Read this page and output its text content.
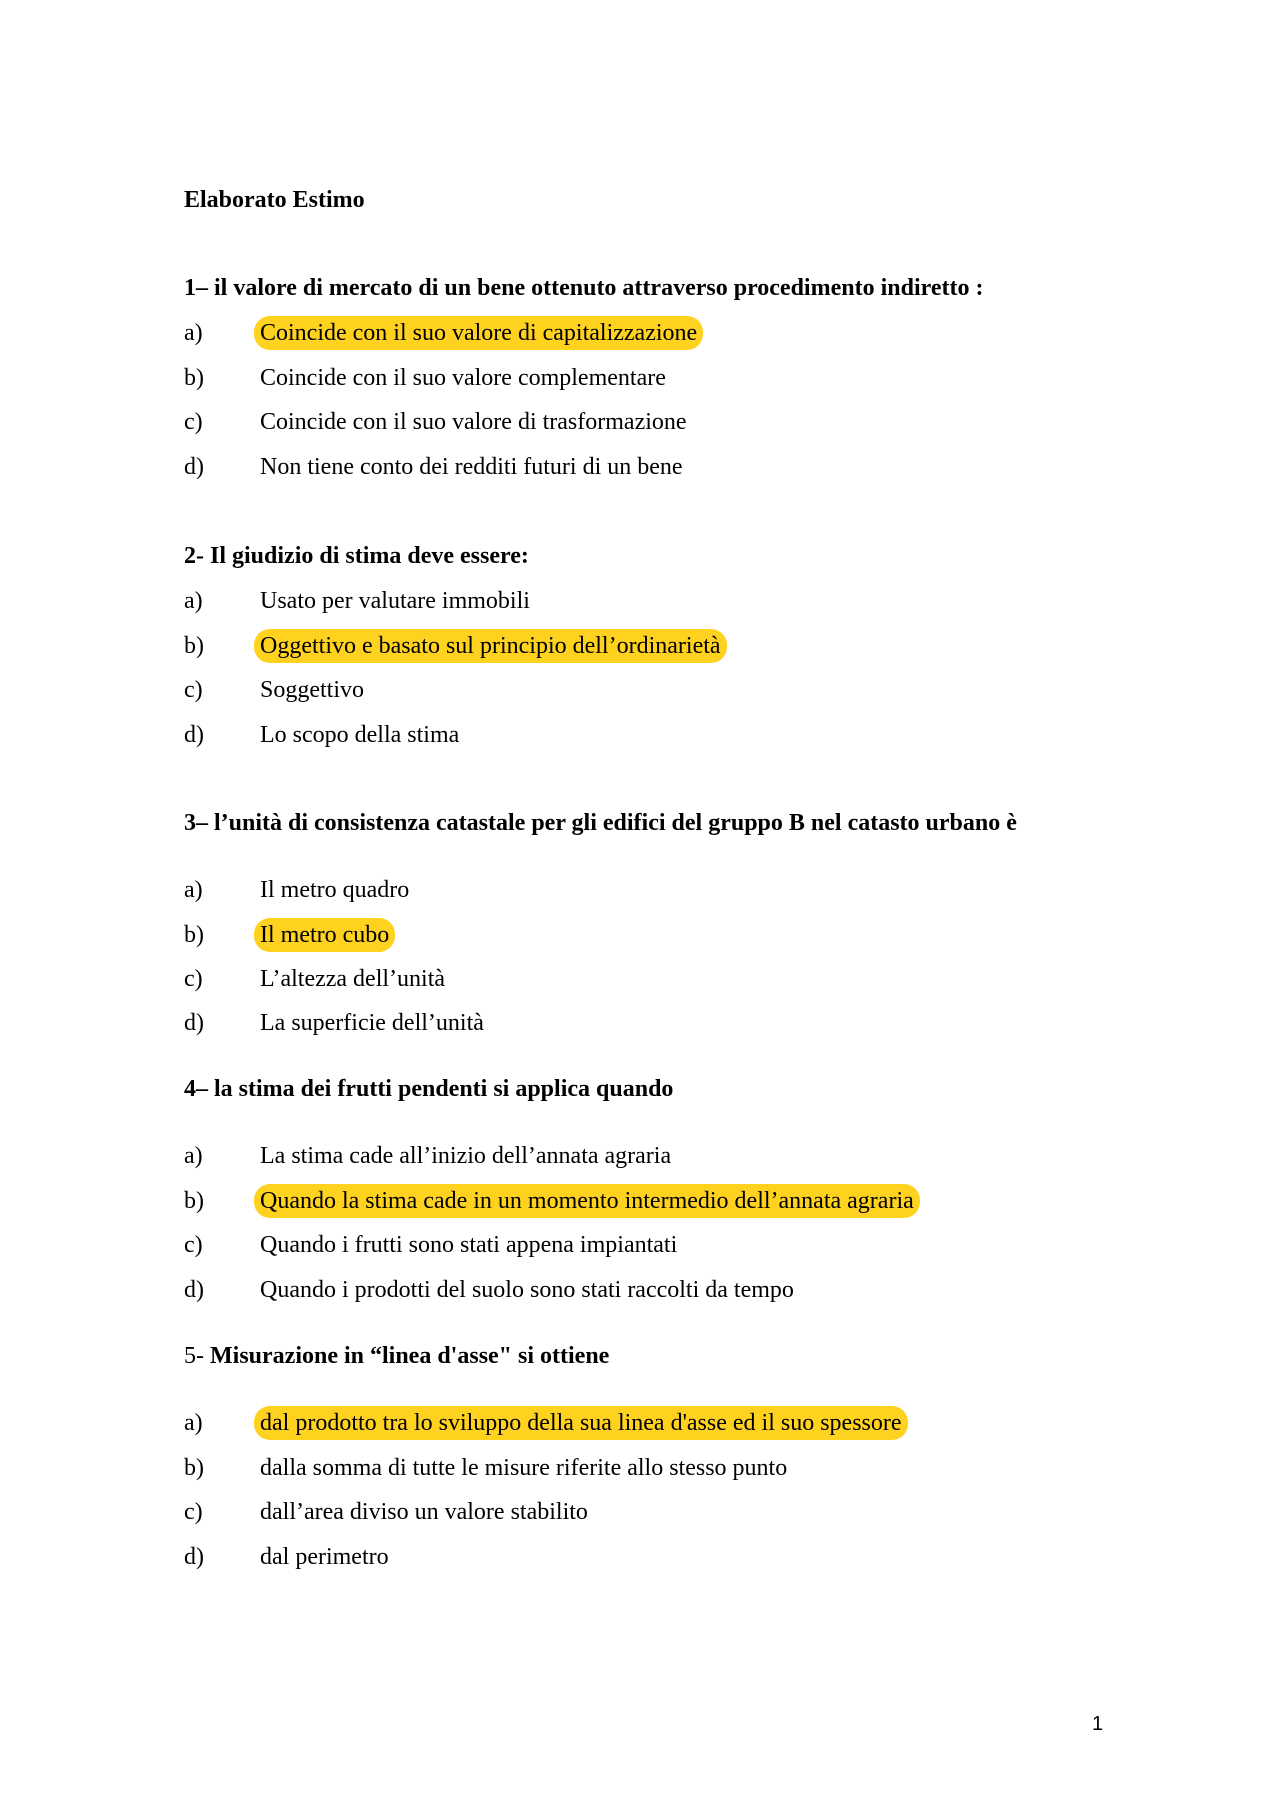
Elaborato Estimo
1– il valore di mercato di un bene ottenuto attraverso procedimento indiretto :
a) Coincide con il suo valore di capitalizzazione
b) Coincide con il suo valore complementare
c) Coincide con il suo valore di trasformazione
d) Non tiene conto dei redditi futuri di un bene
2- Il giudizio di stima deve essere:
a) Usato per valutare immobili
b) Oggettivo e basato sul principio dell’ordinarietà
c) Soggettivo
d) Lo scopo della stima
3– l’unità di consistenza catastale per gli edifici del gruppo B nel catasto urbano è
a) Il metro quadro
b) Il metro cubo
c) L’altezza dell’unità
d) La superficie dell’unità
4– la stima dei frutti pendenti si applica quando
a) La stima cade all’inizio dell’annata agraria
b) Quando la stima cade in un momento intermedio dell’annata agraria
c) Quando i frutti sono stati appena impiantati
d) Quando i prodotti del suolo sono stati raccolti da tempo
5- Misurazione in “linea d'asse" si ottiene
a) dal prodotto tra lo sviluppo della sua linea d'asse ed il suo spessore
b) dalla somma di tutte le misure riferite allo stesso punto
c) dall’area diviso un valore stabilito
d) dal perimetro
1
